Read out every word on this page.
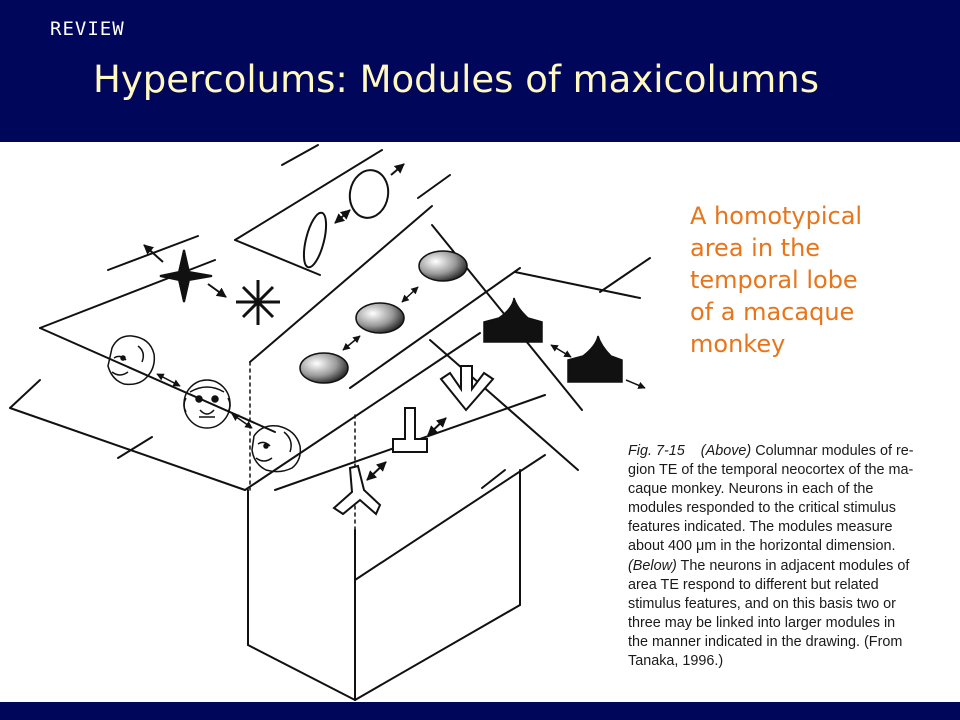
REVIEW
Hypercolums: Modules of maxicolumns
A homotypical
area in the
temporal lobe
of a macaque
monkey
Fig. 7-15 (Above) Columnar modules of re-
gion TE of the temporal neocortex of the ma-
caque monkey. Neurons in each of the
modules responded to the critical stimulus
features indicated. The modules measure
about 400 μm in the horizontal dimension.
(Below) The neurons in adjacent modules of
area TE respond to different but related
stimulus features, and on this basis two or
three may be linked into larger modules in
the manner indicated in the drawing. (From
Tanaka, 1996.)
